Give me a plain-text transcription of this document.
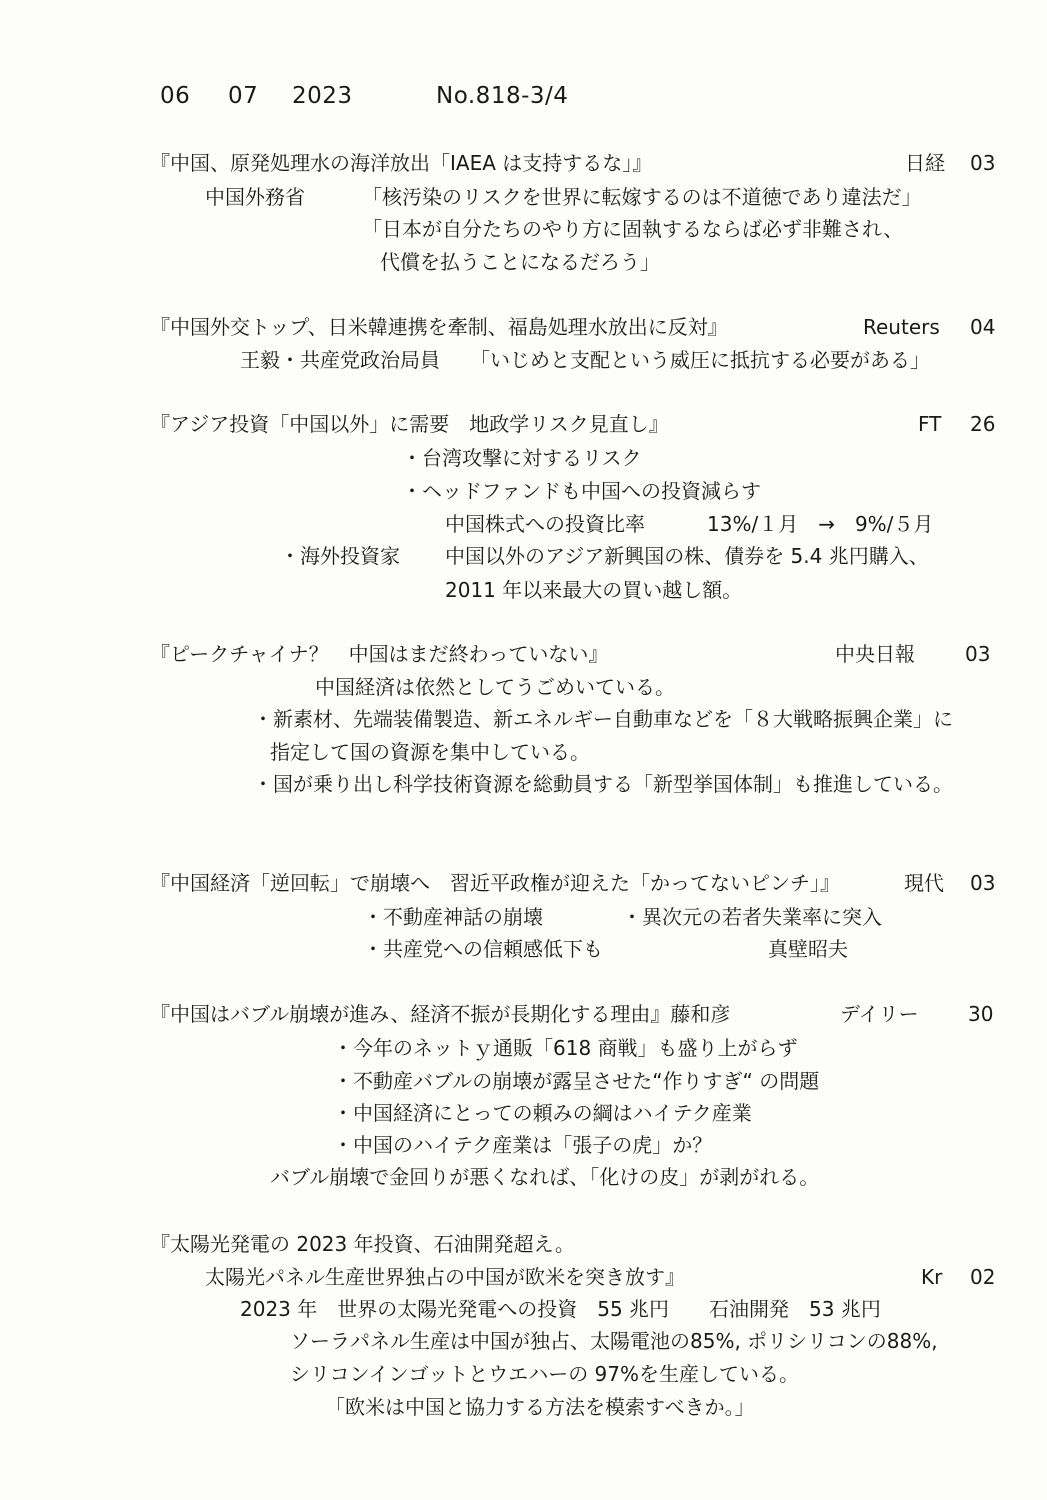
06 07 2023	No.818-3/4
『中国、原発処理水の海洋放出「IAEA は支持するな」』	日経 03
中国外務省	「核汚染のリスクを世界に転嫁するのは不道徳であり違法だ」
「日本が自分たちのやり方に固執するならば必ず非難され、
代償を払うことになるだろう」
『中国外交トップ、日米韓連携を牽制、福島処理水放出に反対』	Reuters 04
王毅・共産党政治局員 「いじめと支配という威圧に抵抗する必要がある」
『アジア投資「中国以外」に需要　地政学リスク見直し』	FT 26
・台湾攻撃に対するリスク
・ヘッドファンドも中国への投資減らす
中国株式への投資比率	13%/１月　→　9%/５月
・海外投資家 中国以外のアジア新興国の株、債券を 5.4 兆円購入、
2011 年以来最大の買い越し額。
『ピークチャイナ？　中国はまだ終わっていない』	中央日報	03
中国経済は依然としてうごめいている。
・新素材、先端装備製造、新エネルギー自動車などを「８大戦略振興企業」に
指定して国の資源を集中している。
・国が乗り出し科学技術資源を総動員する「新型挙国体制」も推進している。
『中国経済「逆回転」で崩壊へ　習近平政権が迎えた「かってないピンチ」』	現代 03
・不動産神話の崩壊	・異次元の若者失業率に突入
・共産党への信頼感低下も	真壁昭夫
『中国はバブル崩壊が進み、経済不振が長期化する理由』藤和彦	デイリー 30
・今年のネットｙ通販「618 商戦」も盛り上がらず
・不動産バブルの崩壊が露呈させた“作りすぎ“ の問題
・中国経済にとっての頼みの綱はハイテク産業
・中国のハイテク産業は「張子の虎」か？
バブル崩壊で金回りが悪くなれば、「化けの皮」が剥がれる。
『太陽光発電の 2023 年投資、石油開発超え。
太陽光パネル生産世界独占の中国が欧米を突き放す』	Kr 02
2023 年　世界の太陽光発電への投資　55 兆円　　石油開発　53 兆円
ソーラパネル生産は中国が独占、太陽電池の85%, ポリシリコンの88%,
シリコンインゴットとウエハーの 97%を生産している。
「欧米は中国と協力する方法を模索すべきか。」
